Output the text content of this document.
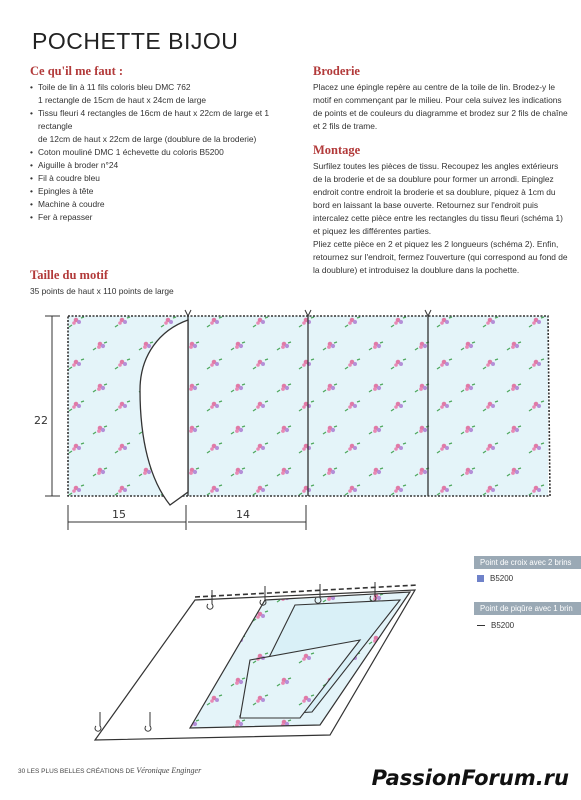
POCHETTE BIJOU
Ce qu'il me faut :
• Toile de lin à 11 fils coloris bleu DMC 762
1 rectangle de 15cm de haut x 24cm de large
• Tissu fleuri 4 rectangles de 16cm de haut x 22cm de large et 1 rectangle
de 12cm de haut x 22cm de large (doublure de la broderie)
• Coton mouliné DMC 1 échevette du coloris B5200
• Aiguille à broder n°24
• Fil à coudre bleu
• Epingles à tête
• Machine à coudre
• Fer à repasser
Taille du motif

35 points de haut x 110 points de large

Broderie

Placez une épingle repère au centre de la toile de lin. Brodez-y le motif en commençant par le milieu. Pour cela suivez les indications de points et de couleurs du diagramme et brodez sur 2 fils de chaîne et 2 fils de trame.

Montage

Surfilez toutes les pièces de tissu. Recoupez les angles extérieurs de la broderie et de sa doublure pour former un arrondi. Epinglez endroit contre endroit la broderie et sa doublure, piquez à 1cm du bord en laissant la base ouverte. Retournez sur l'endroit puis intercalez cette pièce entre les rectangles du tissu fleuri (schéma 1) et piquez les différentes parties.

Pliez cette pièce en 2 et piquez les 2 longueurs (schéma 2). Enfin, retournez sur l'endroit, fermez l'ouverture (qui correspond au fond de la doublure) et introduisez la doublure dans la pochette.

22
15	14
Point de croix avec 2 brins
B5200
Point de piqûre avec 1 brin
B5200
30 LES PLUS BELLES CRÉATIONS DE Véronique Enginger	PassionForum.ru
